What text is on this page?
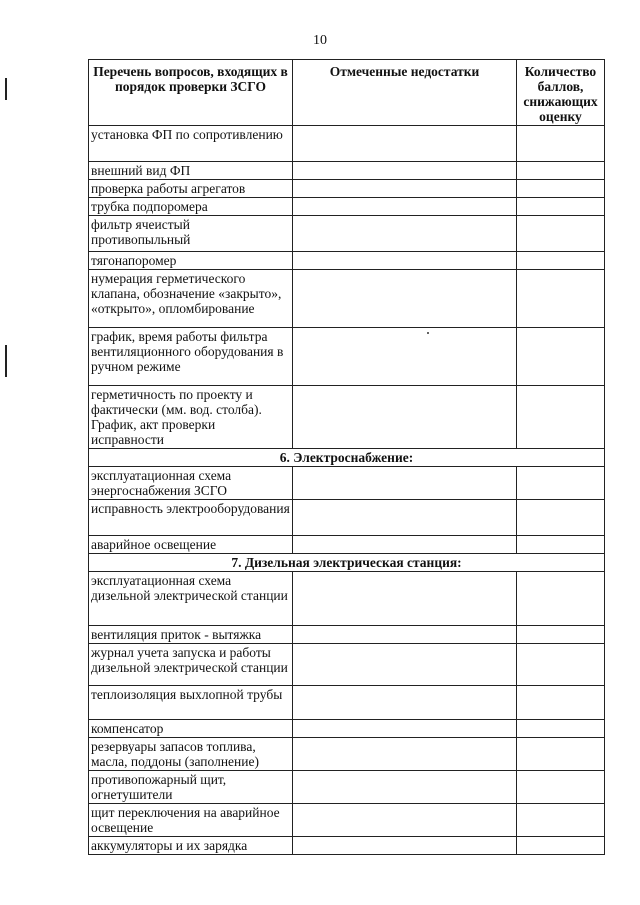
10
Перечень вопросов, входящих в порядок проверки ЗСГО	Отмеченные недостатки	Количество баллов, снижающих оценку
установка ФП по сопротивлению		
внешний вид ФП		
проверка работы агрегатов		
трубка подпоромера		
фильтр ячеистый противопыльный		
тягонапоромер		
нумерация герметического клапана, обозначение «закрыто», «открыто», опломбирование		
график, время работы фильтра вентиляционного оборудования в ручном режиме		
герметичность по проекту и фактически (мм. вод. столба). График, акт проверки исправности		
6. Электроснабжение:		
эксплуатационная схема энергоснабжения ЗСГО		
исправность электрооборудования		
аварийное освещение		
7. Дизельная электрическая станция:		
эксплуатационная схема дизельной электрической станции		
вентиляция приток - вытяжка		
журнал учета запуска и работы дизельной электрической станции		
теплоизоляция выхлопной трубы		
компенсатор		
резервуары запасов топлива, масла, поддоны (заполнение)		
противопожарный щит, огнетушители		
щит переключения на аварийное освещение		
аккумуляторы и их зарядка		
